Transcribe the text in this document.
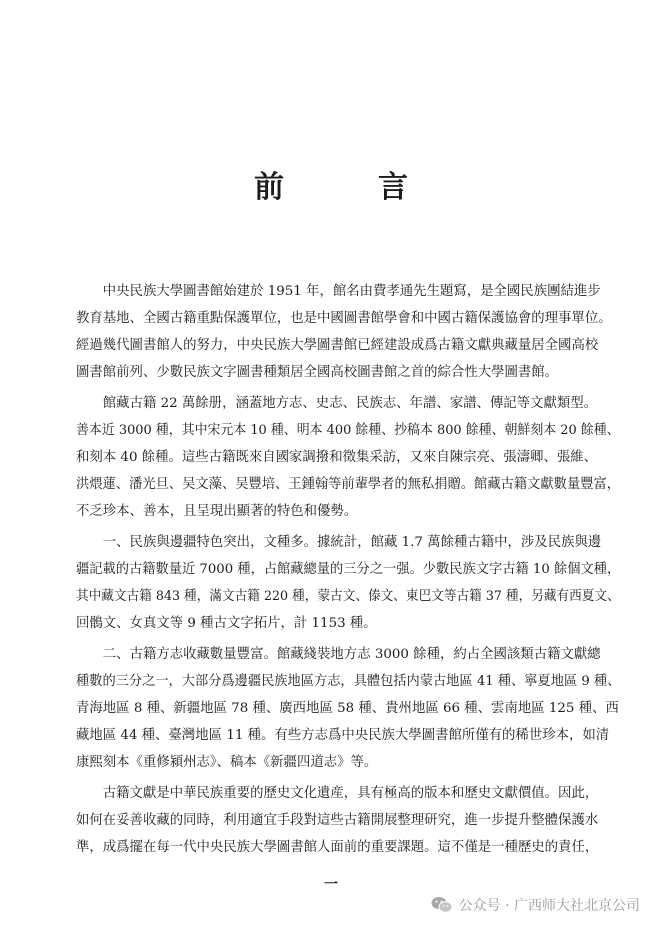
前　言
　　中央民族大學圖書館始建於 1951 年，館名由費孝通先生題寫，是全國民族團結進步
教育基地、全國古籍重點保護單位，也是中國圖書館學會和中國古籍保護協會的理事單位。
經過幾代圖書館人的努力，中央民族大學圖書館已經建設成爲古籍文獻典藏量居全國高校
圖書館前列、少數民族文字圖書種類居全國高校圖書館之首的綜合性大學圖書館。
　　館藏古籍 22 萬餘册，涵蓋地方志、史志、民族志、年譜、家譜、傳記等文獻類型。
善本近 3000 種，其中宋元本 10 種、明本 400 餘種、抄稿本 800 餘種、朝鮮刻本 20 餘種、
和刻本 40 餘種。這些古籍既來自國家調撥和徵集采訪，又來自陳宗亮、張濤卿、張維、
洪煨蓮、潘光旦、吴文藻、吴豐培、王鍾翰等前輩學者的無私捐贈。館藏古籍文獻數量豐富，
不乏珍本、善本，且呈現出顯著的特色和優勢。
　　一、民族與邊疆特色突出，文種多。據統計，館藏 1.7 萬餘種古籍中，涉及民族與邊
疆記載的古籍數量近 7000 種，占館藏總量的三分之一强。少數民族文字古籍 10 餘個文種，
其中藏文古籍 843 種，滿文古籍 220 種，蒙古文、傣文、東巴文等古籍 37 種，另藏有西夏文、
回鶻文、女真文等 9 種古文字拓片，計 1153 種。
　　二、古籍方志收藏數量豐富。館藏綫裝地方志 3000 餘種，約占全國該類古籍文獻總
種數的三分之一，大部分爲邊疆民族地區方志，具體包括内蒙古地區 41 種、寧夏地區 9 種、
青海地區 8 種、新疆地區 78 種、廣西地區 58 種、貴州地區 66 種、雲南地區 125 種、西
藏地區 44 種、臺灣地區 11 種。有些方志爲中央民族大學圖書館所僅有的稀世珍本，如清
康熙刻本《重修潁州志》、稿本《新疆四道志》等。
　　古籍文獻是中華民族重要的歷史文化遺産，具有極高的版本和歷史文獻價值。因此，
如何在妥善收藏的同時，利用適宜手段對這些古籍開展整理研究，進一步提升整體保護水
準，成爲擺在每一代中央民族大學圖書館人面前的重要課題。這不僅是一種歷史的責任，
一
公众号 · 广西师大社北京公司
